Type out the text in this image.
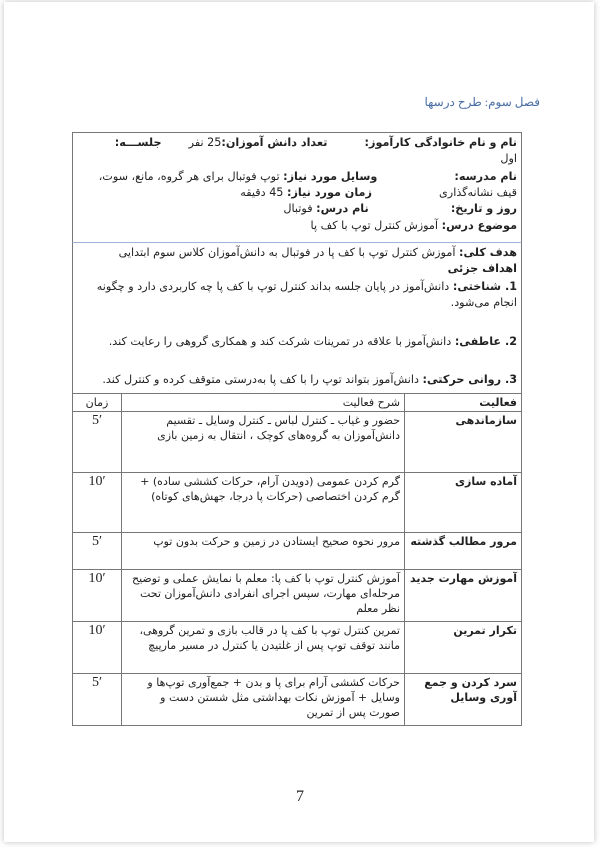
فصل سوم: طرح درسها
نام و نام خانوادگی کارآموز:  تعداد دانش آموزان:25 نفر  جلســـه:
اول
نام مدرسه:  وسایل مورد نیاز: توپ فوتبال برای هر گروه، مانع، سوت،
قیف نشانه‌گذاری  زمان مورد نیاز: 45 دقیقه
روز و تاریخ:  نام درس: فوتبال
موضوع درس: آموزش کنترل توپ با کف پا
هدف کلی: آموزش کنترل توپ با کف پا در فوتبال به دانش‌آموزان کلاس سوم ابتدایی
اهداف جزئی
1. شناختی: دانش‌آموز در پایان جلسه بداند کنترل توپ با کف پا چه کاربردی دارد و چگونه
انجام می‌شود.
2. عاطفی: دانش‌آموز با علاقه در تمرینات شرکت کند و همکاری گروهی را رعایت کند.
3. روانی حرکتی: دانش‌آموز بتواند توپ را با کف پا به‌درستی متوقف کرده و کنترل کند.
فعالیت	شرح فعالیت	زمان
سازماندهی	حضور و غیاب ـ کنترل لباس ـ کنترل وسایل ـ تقسیم دانش‌آموزان به گروه‌های کوچک ، انتقال به زمین بازی	5′
آماده سازی	گرم کردن عمومی (دویدن آرام، حرکات کششی ساده) + گرم کردن اختصاصی (حرکات پا درجا، جهش‌های کوتاه)	10′
مرور مطالب گذشته	مرور نحوه صحیح ایستادن در زمین و حرکت بدون توپ	5′
آموزش مهارت جدید	آموزش کنترل توپ با کف پا: معلم با نمایش عملی و توضیح مرحله‌ای مهارت، سپس اجرای انفرادی دانش‌آموزان تحت نظر معلم	10′
تکرار تمرین	تمرین کنترل توپ با کف پا در قالب بازی و تمرین گروهی، مانند توقف توپ پس از غلتیدن یا کنترل در مسیر مارپیچ	10′
سرد کردن و جمع آوری وسایل	حرکات کششی آرام برای پا و بدن + جمع‌آوری توپ‌ها و وسایل + آموزش نکات بهداشتی مثل شستن دست و صورت پس از تمرین	5′
7
